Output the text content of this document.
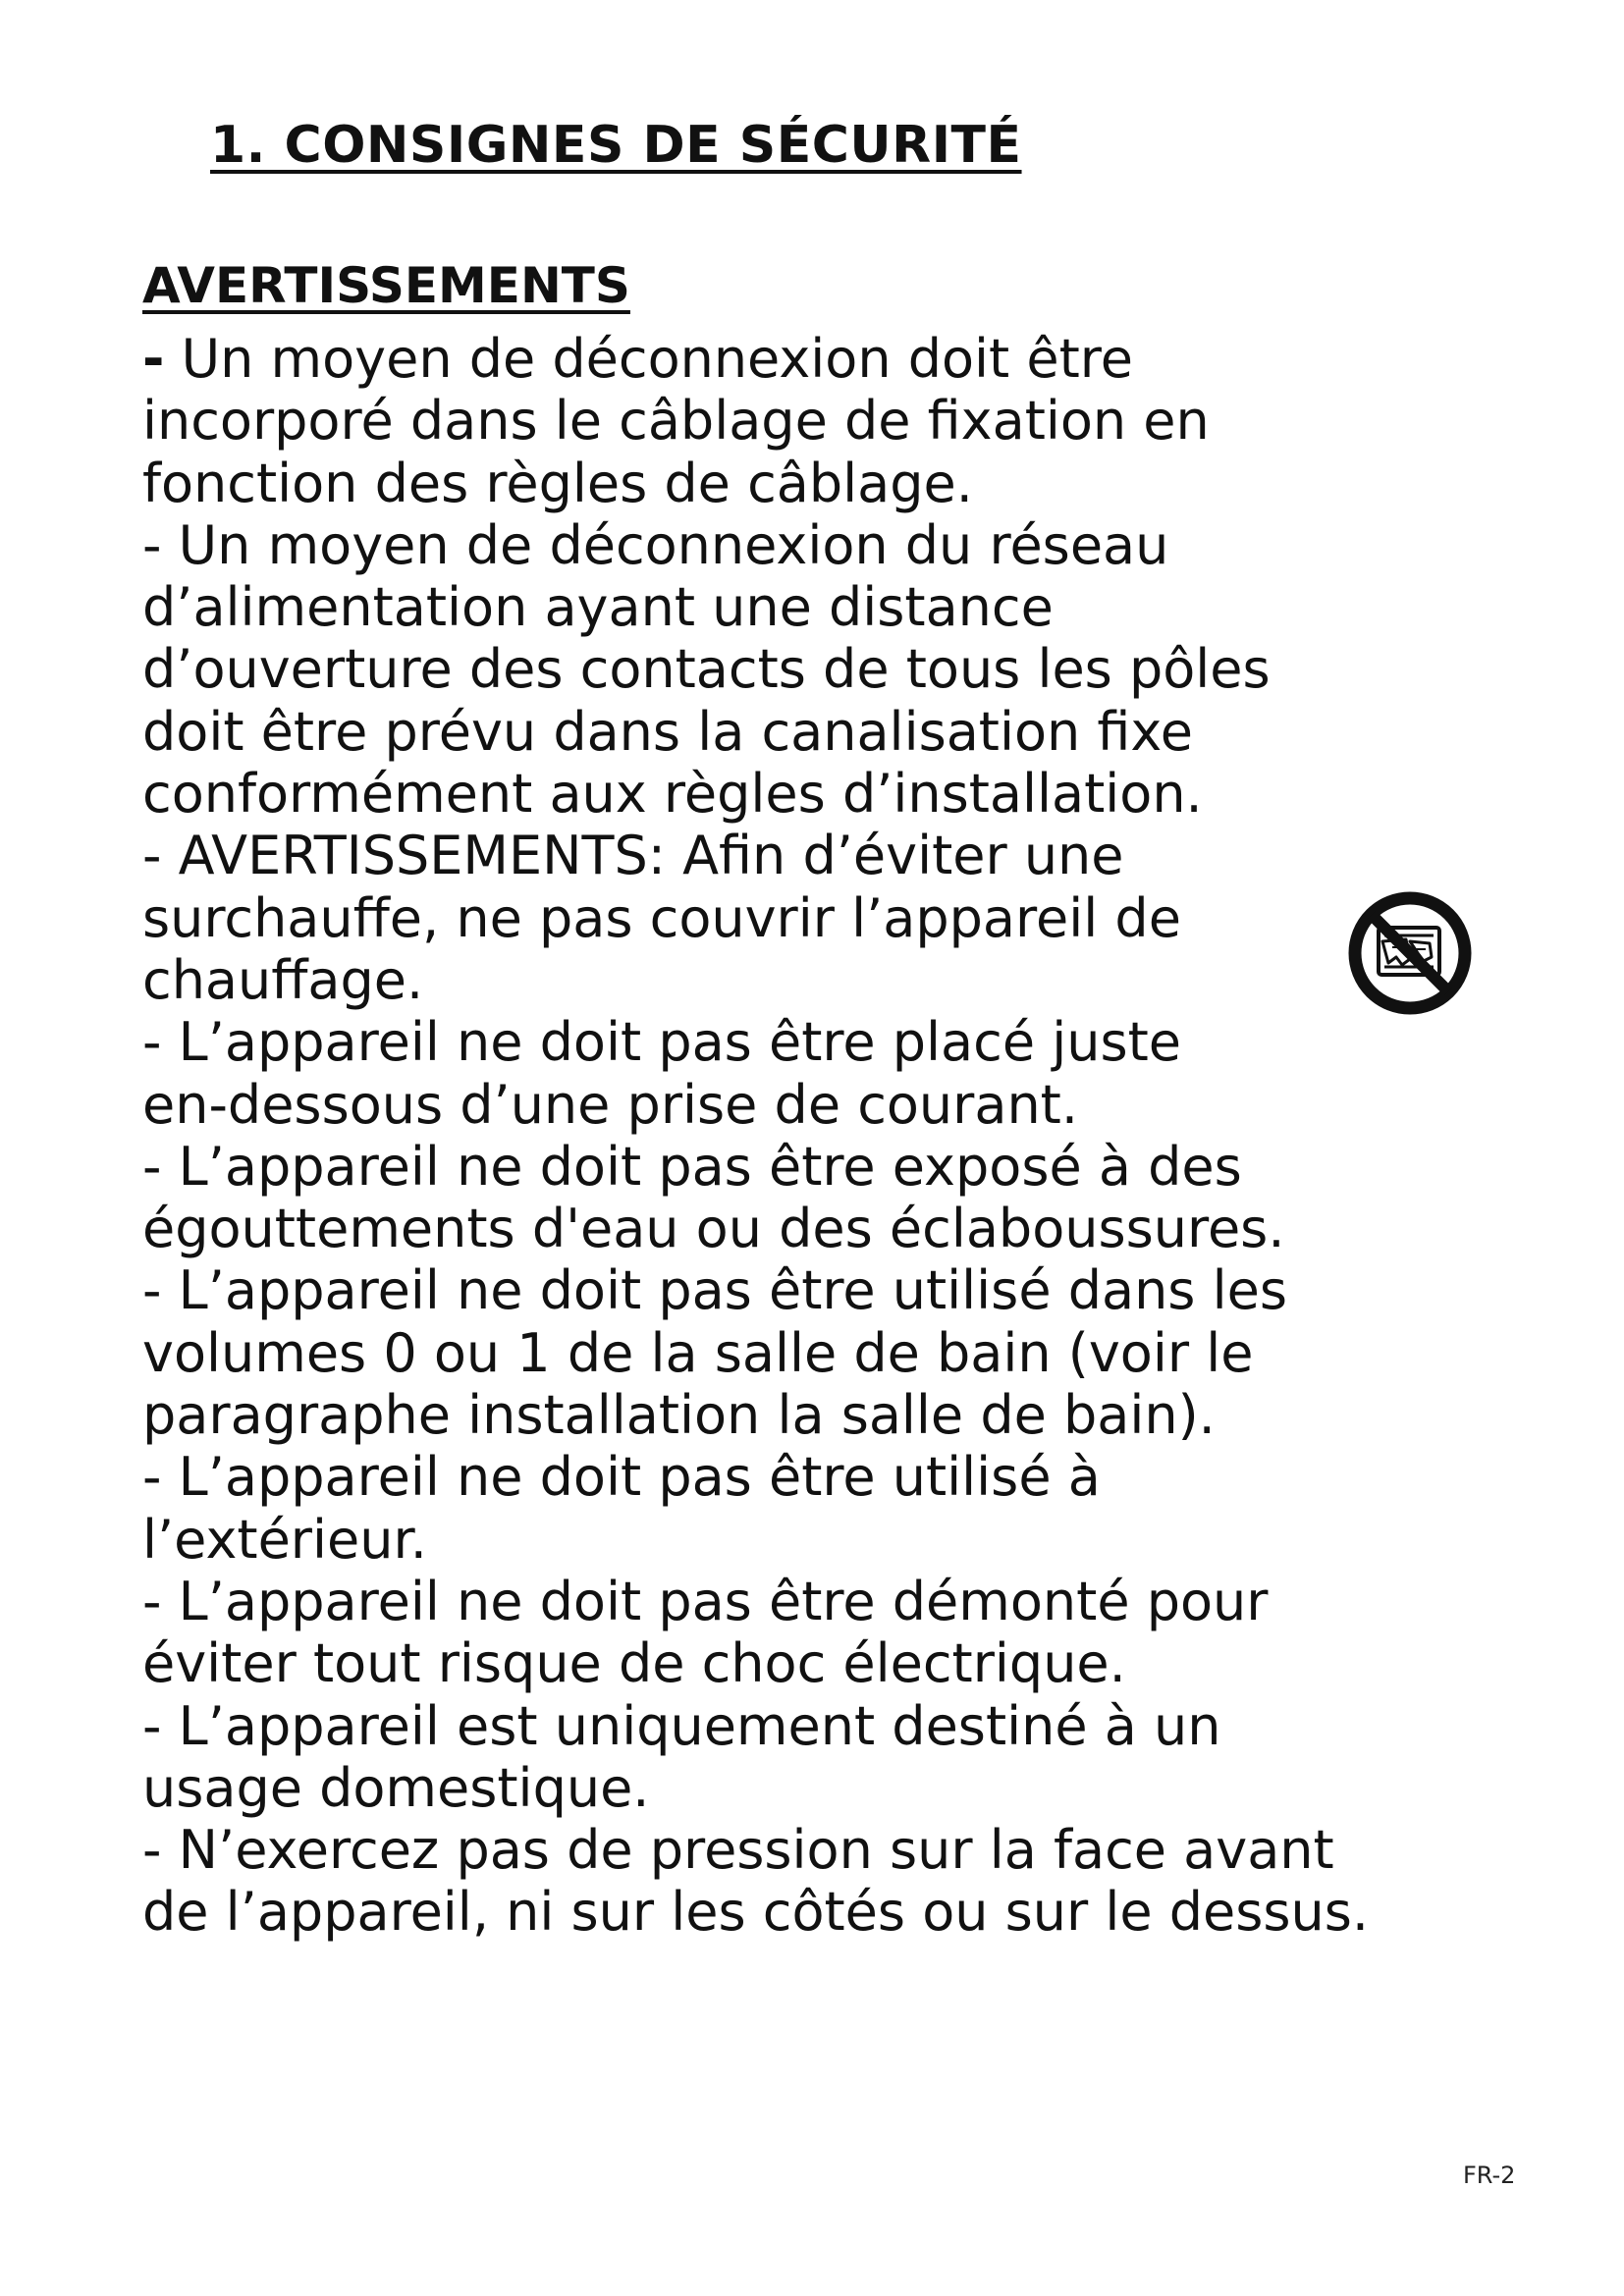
1. CONSIGNES DE SÉCURITÉ
AVERTISSEMENTS
- Un moyen de déconnexion doit être
incorporé dans le câblage de fixation en
fonction des règles de câblage.
- Un moyen de déconnexion du réseau
d’alimentation ayant une distance
d’ouverture des contacts de tous les pôles
doit être prévu dans la canalisation fixe
conformément aux règles d’installation.
- AVERTISSEMENTS: Afin d’éviter une
surchauffe, ne pas couvrir l’appareil de
chauffage.
- L’appareil ne doit pas être placé juste
en-dessous d’une prise de courant.
- L’appareil ne doit pas être exposé à des
égouttements d'eau ou des éclaboussures.
- L’appareil ne doit pas être utilisé dans les
volumes 0 ou 1 de la salle de bain (voir le
paragraphe installation la salle de bain).
- L’appareil ne doit pas être utilisé à
l’extérieur.
- L’appareil ne doit pas être démonté pour
éviter tout risque de choc électrique.
- L’appareil est uniquement destiné à un
usage domestique.
- N’exercez pas de pression sur la face avant
de l’appareil, ni sur les côtés ou sur le dessus.
FR-2
